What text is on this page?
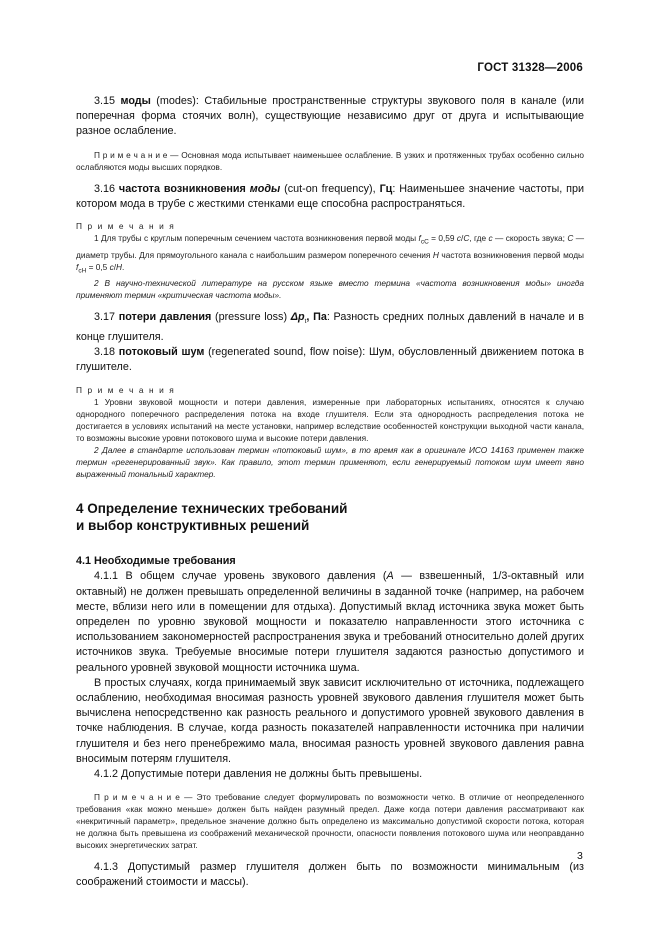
ГОСТ 31328—2006

3.15 моды (modes): Стабильные пространственные структуры звукового поля в канале (или поперечная форма стоячих волн), существующие независимо друг от друга и испытывающие разное ослабление.

П р и м е ч а н и е — Основная мода испытывает наименьшее ослабление. В узких и протяженных трубах особенно сильно ослабляются моды высших порядков.

3.16 частота возникновения моды (cut-on frequency), Гц: Наименьшее значение частоты, при котором мода в трубе с жесткими стенками еще способна распространяться.

П р и м е ч а н и я

1 Для трубы с круглым поперечным сечением частота возникновения первой моды $f_{cC} = 0,59$ c/C, где c — скорость звука; C — диаметр трубы. Для прямоугольного канала с наибольшим размером поперечного сечения H частота возникновения первой моды $f_{cH} = 0,5$ c/H.

2 В научно-технической литературе на русском языке вместо термина «частота возникновения моды» иногда применяют термин «критическая частота моды».

3.17 потери давления (pressure loss) $\Delta p_t$, Па: Разность средних полных давлений в начале и в конце глушителя.

3.18 потоковый шум (regenerated sound, flow noise): Шум, обусловленный движением потока в глушителе.

П р и м е ч а н и я

1 Уровни звуковой мощности и потери давления, измеренные при лабораторных испытаниях, относятся к случаю однородного поперечного распределения потока на входе глушителя. Если эта однородность распределения потока не достигается в условиях испытаний на месте установки, например вследствие особенностей конструкции выходной части канала, то возможны высокие уровни потокового шума и высокие потери давления.

2 Далее в стандарте использован термин «потоковый шум», в то время как в оригинале ИСО 14163 применен также термин «регенерированный звук». Как правило, этот термин применяют, если генерируемый потоком шум имеет явно выраженный тональный характер.

4 Определение технических требований
и выбор конструктивных решений

4.1 Необходимые требования

4.1.1 В общем случае уровень звукового давления (A — взвешенный, 1/3-октавный или октавный) не должен превышать определенной величины в заданной точке (например, на рабочем месте, вблизи него или в помещении для отдыха). Допустимый вклад источника звука может быть определен по уровню звуковой мощности и показателю направленности этого источника с использованием закономерностей распространения звука и требований относительно долей других источников звука. Требуемые вносимые потери глушителя задаются разностью допустимого и реального уровней звуковой мощности источника шума.

В простых случаях, когда принимаемый звук зависит исключительно от источника, подлежащего ослаблению, необходимая вносимая разность уровней звукового давления глушителя может быть вычислена непосредственно как разность реального и допустимого уровней звукового давления в точке наблюдения. В случае, когда разность показателей направленности источника при наличии глушителя и без него пренебрежимо мала, вносимая разность уровней звукового давления равна вносимым потерям глушителя.

4.1.2 Допустимые потери давления не должны быть превышены.

П р и м е ч а н и е — Это требование следует формулировать по возможности четко. В отличие от неопределенного требования «как можно меньше» должен быть найден разумный предел. Даже когда потери давления рассматривают как «некритичный параметр», предельное значение должно быть определено из максимально допустимой скорости потока, которая не должна быть превышена из соображений механической прочности, опасности появления потокового шума или неоправданно высоких энергетических затрат.

4.1.3 Допустимый размер глушителя должен быть по возможности минимальным (из соображений стоимости и массы).

3
